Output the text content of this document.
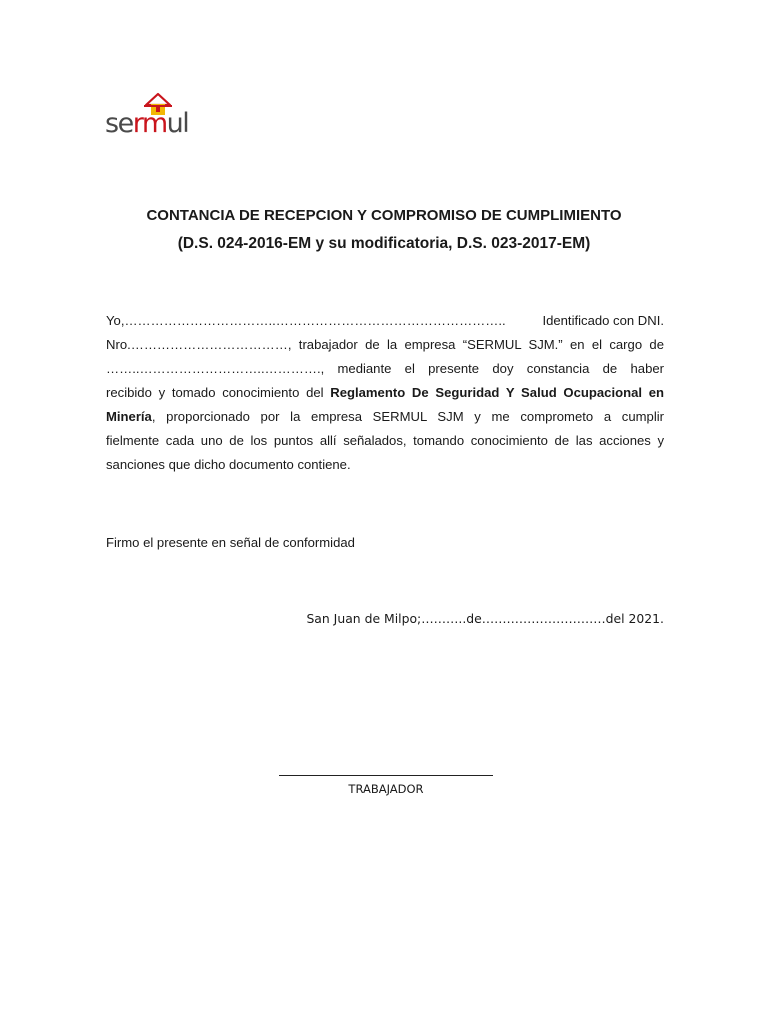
sermul
CONTANCIA DE RECEPCION Y COMPROMISO DE CUMPLIMIENTO
(D.S. 024-2016-EM y su modificatoria, D.S. 023-2017-EM)
Yo, ……………………………..……………………………………………..	Identificado con DNI.
Nro.………………………………, trabajador de la empresa “SERMUL SJM.” en el cargo de
……..………………………..…………., mediante el presente doy constancia de haber
recibido y tomado conocimiento del Reglamento De Seguridad Y Salud Ocupacional en
Minería, proporcionado por la empresa SERMUL SJM y me comprometo a cumplir
fielmente cada uno de los puntos allí señalados, tomando conocimiento de las acciones y
sanciones que dicho documento contiene.
Firmo el presente en señal de conformidad
San Juan de Milpo;………..de…………………………del 2021.
TRABAJADOR
